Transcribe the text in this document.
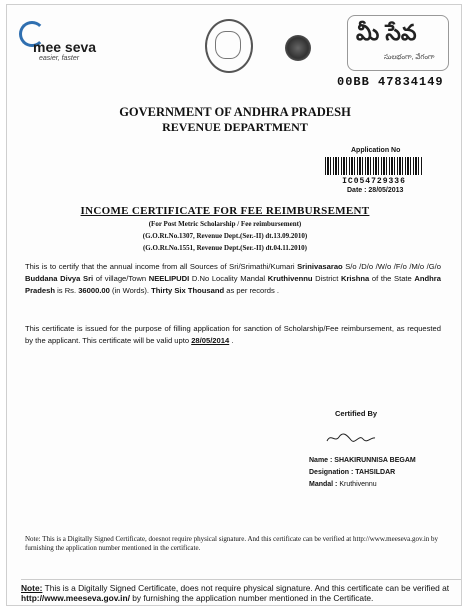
mee seva
easier, faster
మీ సేవ
సులభంగా, వేగంగా
00BB 47834149
GOVERNMENT OF ANDHRA PRADESH
REVENUE DEPARTMENT
Application No
IC054729336
Date : 28/05/2013
INCOME CERTIFICATE FOR FEE REIMBURSEMENT
(For Post Metric Scholarship / Fee reimbursement)
(G.O.Rt.No.1307, Revenue Dept.(Ser.-II) dt.13.09.2010)
(G.O.Rt.No.1551, Revenue Dept.(Ser.-II) dt.04.11.2010)
This is to certify that the annual income from all Sources of Sri/Srimathi/Kumari Srinivasarao S/o /D/o /W/o /F/o /M/o /G/o Buddana Divya Sri of village/Town NEELIPUDI D.No Locality Mandal Kruthivennu District Krishna of the State Andhra Pradesh is Rs. 36000.00 (in Words). Thirty Six Thousand as per records .
This certificate is issued for the purpose of filling application for sanction of Scholarship/Fee reimbursement, as requested by the applicant. This certificate will be valid upto 28/05/2014 .
Certified By
Name : SHAKIRUNNISA BEGAM
Designation : TAHSILDAR
Mandal : Kruthivennu
Note: This is a Digitally Signed Certificate, doesnot require physical signature. And this certificate can be verified at http://www.meeseva.gov.in by furnishing the application number mentioned in the certificate.
Note: This is a Digitally Signed Certificate, does not require physical signature. And this certificate can be verified at http://www.meeseva.gov.in/ by furnishing the application number mentioned in the Certificate.
